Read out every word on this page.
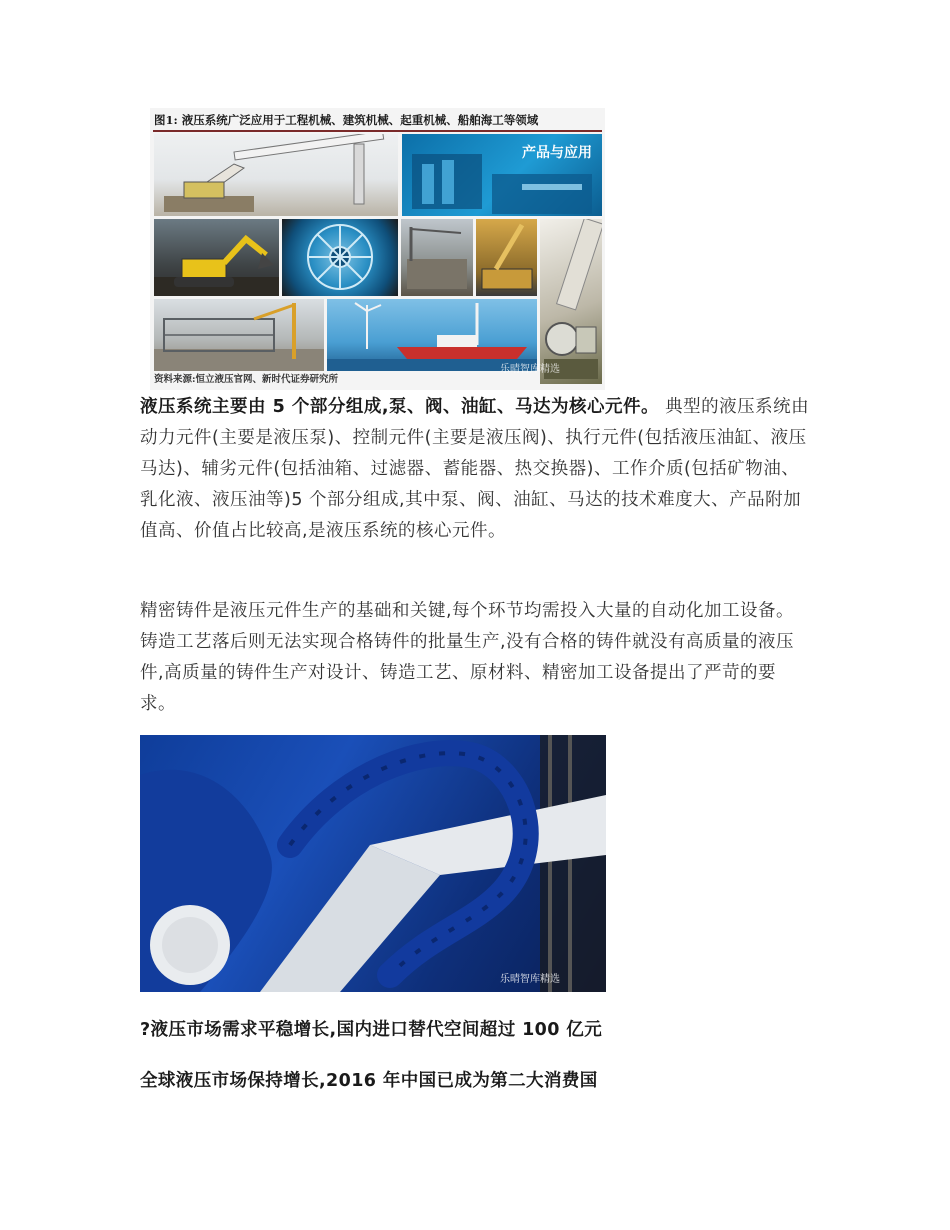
图1: 液压系统广泛应用于工程机械、建筑机械、起重机械、船舶海工等领域
产品与应用
资料来源:恒立液压官网、新时代证券研究所
乐晴智库精选

液压系统主要由 5 个部分组成,泵、阀、油缸、马达为核心元件。 典型的液压系统由动力元件(主要是液压泵)、控制元件(主要是液压阀)、执行元件(包括液压油缸、液压马达)、辅劣元件(包括油箱、过滤器、蓄能器、热交换器)、工作介质(包括矿物油、乳化液、液压油等)5 个部分组成,其中泵、阀、油缸、马达的技术难度大、产品附加值高、价值占比较高,是液压系统的核心元件。

精密铸件是液压元件生产的基础和关键,每个环节均需投入大量的自动化加工设备。铸造工艺落后则无法实现合格铸件的批量生产,没有合格的铸件就没有高质量的液压件,高质量的铸件生产对设计、铸造工艺、原材料、精密加工设备提出了严苛的要求。

乐晴智库精选
?液压市场需求平稳增长,国内进口替代空间超过 100 亿元
全球液压市场保持增长,2016 年中国已成为第二大消费国
